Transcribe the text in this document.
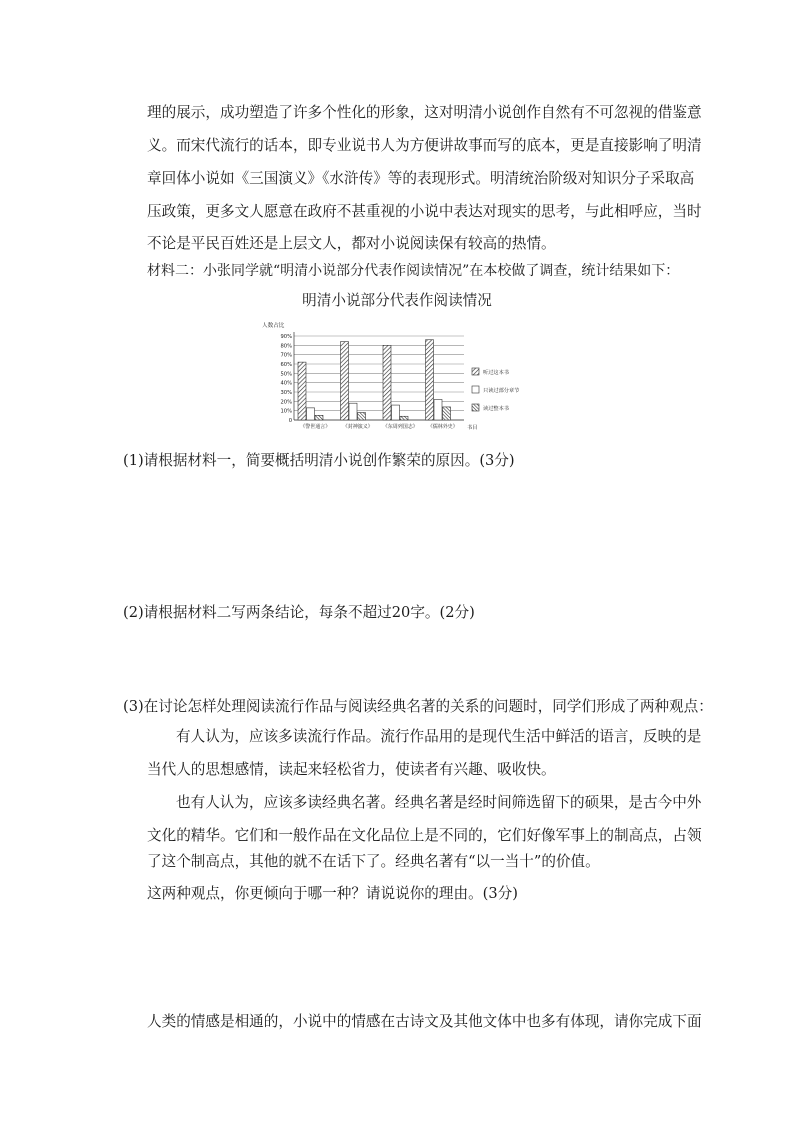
理的展示，成功塑造了许多个性化的形象，这对明清小说创作自然有不可忽视的借鉴意
义。而宋代流行的话本，即专业说书人为方便讲故事而写的底本，更是直接影响了明清
章回体小说如《三国演义》《水浒传》等的表现形式。明清统治阶级对知识分子采取高
压政策，更多文人愿意在政府不甚重视的小说中表达对现实的思考，与此相呼应，当时
不论是平民百姓还是上层文人，都对小说阅读保有较高的热情。
材料二：小张同学就“明清小说部分代表作阅读情况”在本校做了调查，统计结果如下：
明清小说部分代表作阅读情况
0
10%
20%
30%
40%
50%
60%
70%
80%
90%
人数占比
书目
《警世通言》 《封神演义》 《东周列国志》 《儒林外史》
听过这本书
只读过部分章节
读过整本书
(1)请根据材料一，简要概括明清小说创作繁荣的原因。(3分)
(2)请根据材料二写两条结论，每条不超过20字。(2分)
(3)在讨论怎样处理阅读流行作品与阅读经典名著的关系的问题时，同学们形成了两种观点：
有人认为，应该多读流行作品。流行作品用的是现代生活中鲜活的语言，反映的是
当代人的思想感情，读起来轻松省力，使读者有兴趣、吸收快。
也有人认为，应该多读经典名著。经典名著是经时间筛选留下的硕果，是古今中外
文化的精华。它们和一般作品在文化品位上是不同的，它们好像军事上的制高点，占领
了这个制高点，其他的就不在话下了。经典名著有“以一当十”的价值。
这两种观点，你更倾向于哪一种？请说说你的理由。(3分)
人类的情感是相通的，小说中的情感在古诗文及其他文体中也多有体现，请你完成下面
